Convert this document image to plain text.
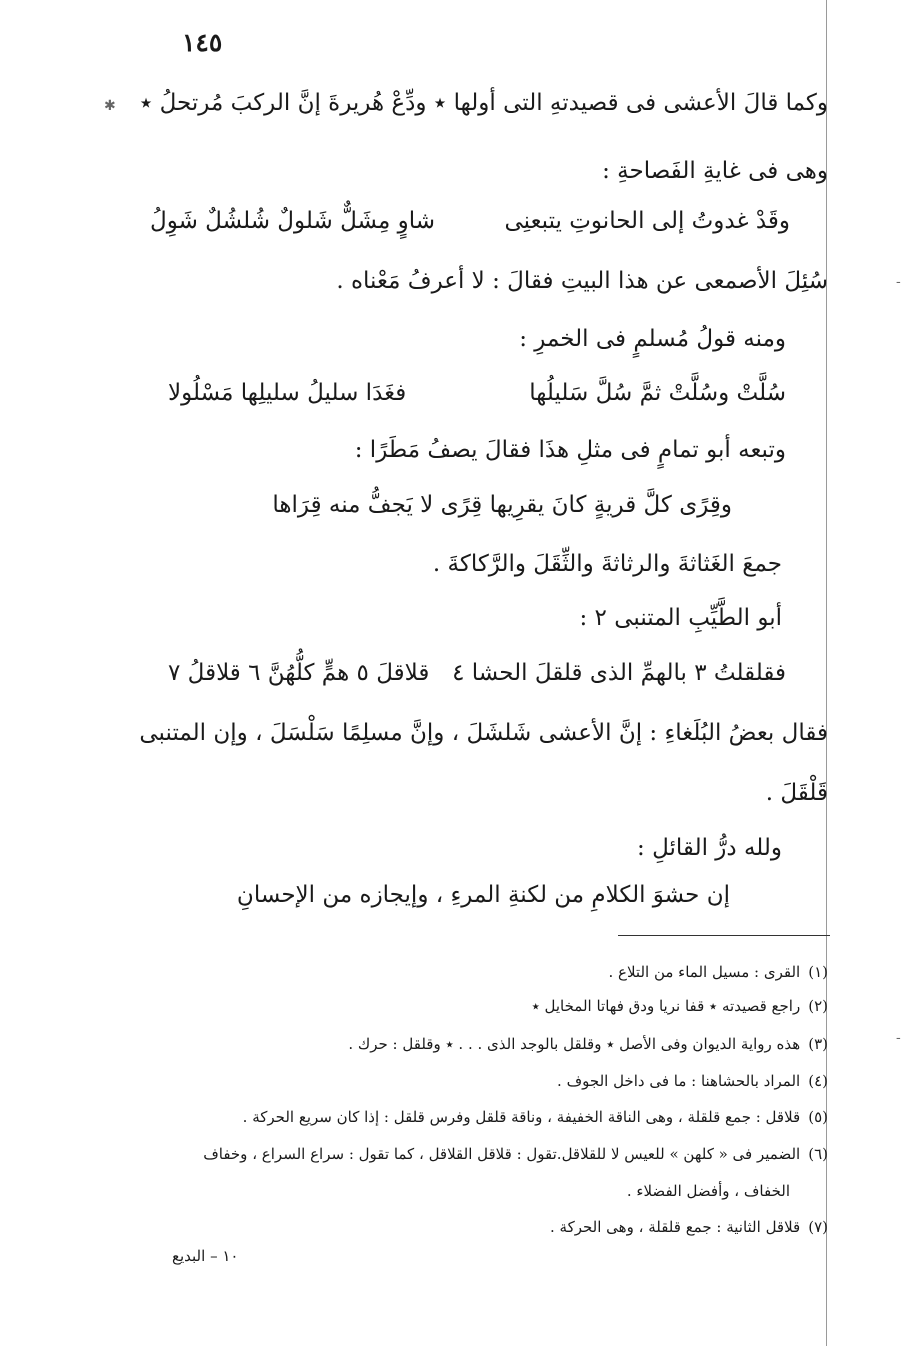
✱
-
-
١٤٥
وكما قالَ الأعشى فى قصيدتهِ التى أولها ٭ ودِّعْ هُريرةَ إنَّ الركبَ مُرتحلُ ٭
وهى فى غايةِ الفَصاحةِ :
وقَدْ غدوتُ إلى الحانوتِ يتبعنِى
شاوٍ مِشَلٌّ شَلولٌ شُلشُلٌ شَوِلُ
سُئِلَ الأصمعى عن هذا البيتِ فقالَ : لا أعرفُ مَعْناه .
ومنه قولُ مُسلمٍ فى الخمرِ :
سُلَّتْ وسُلَّتْ ثمَّ سُلَّ سَليلُها
فغَدَا سليلُ سليلِها مَسْلُولا
وتبعه أبو تمامٍ فى مثلِ هذَا فقالَ يصفُ مَطَرًا :
وقِرًى كلَّ قريةٍ كانَ يقرِيها قِرًى لا يَجفُّ منه قِرَاها
جمعَ الغَثاثةَ والرثاثةَ والثِّقَلَ والرَّكاكةَ .
أبو الطَّيِّبِ المتنبى ٢ :
فقلقلتُ ٣ بالهمِّ الذى قلقلَ الحشا ٤
قلاقلَ ٥ همٍّ كلُّهُنَّ ٦ قلاقلُ ٧
فقال بعضُ البُلَغاءِ : إنَّ الأعشى شَلشَلَ ، وإنَّ مسلِمًا سَلْسَلَ ، وإن المتنبى
قَلْقَلَ .
ولله درُّ القائلِ :
إن حشوَ الكلامِ من لكنةِ المرءِ ، وإيجازه من الإحسانِ
(١)القرى : مسيل الماء من التلاع .
(٢)راجع قصيدته ٭ قفا نريا ودق فهاتا المخايل ٭
(٣)هذه رواية الديوان وفى الأصل ٭ وقلقل بالوجد الذى . . . ٭ وقلقل : حرك .
(٤)المراد بالحشاهنا : ما فى داخل الجوف .
(٥)قلاقل : جمع قلقلة ، وهى الناقة الخفيفة ، وناقة قلقل وفرس قلقل : إذا كان سريع الحركة .
(٦)الضمير فى « كلهن » للعيس لا للقلاقل.تقول : قلاقل القلاقل ، كما تقول : سراع السراع ، وخفاف
الخفاف ، وأفضل الفضلاء .
(٧)قلاقل الثانية : جمع قلقلة ، وهى الحركة .
١٠ – البديع
